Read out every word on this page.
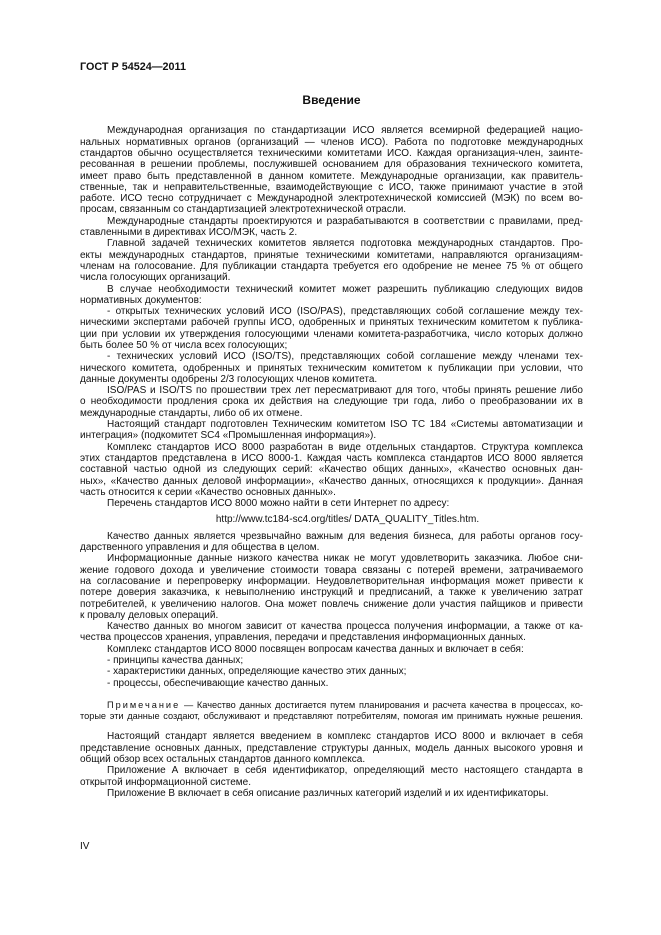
ГОСТ Р 54524—2011
Введение
Международная организация по стандартизации ИСО является всемирной федерацией нацио-
нальных нормативных органов (организаций — членов ИСО). Работа по подготовке международных
стандартов обычно осуществляется техническими комитетами ИСО. Каждая организация-член, заинте-
ресованная в решении проблемы, послужившей основанием для образования технического комитета,
имеет право быть представленной в данном комитете. Международные организации, как правитель-
ственные, так и неправительственные, взаимодействующие с ИСО, также принимают участие в этой
работе. ИСО тесно сотрудничает с Международной электротехнической комиссией (МЭК) по всем во-
просам, связанным со стандартизацией электротехнической отрасли.
Международные стандарты проектируются и разрабатываются в соответствии с правилами, пред-
ставленными в директивах ИСО/МЭК, часть 2.
Главной задачей технических комитетов является подготовка международных стандартов. Про-
екты международных стандартов, принятые техническими комитетами, направляются организациям-
членам на голосование. Для публикации стандарта требуется его одобрение не менее 75 % от общего
числа голосующих организаций.
В случае необходимости технический комитет может разрешить публикацию следующих видов
нормативных документов:
- открытых технических условий ИСО (ISO/PAS), представляющих собой соглашение между тех-
ническими экспертами рабочей группы ИСО, одобренных и принятых техническим комитетом к публика-
ции при условии их утверждения голосующими членами комитета-разработчика, число которых должно
быть более 50 % от числа всех голосующих;
- технических условий ИСО (ISO/TS), представляющих собой соглашение между членами тех-
нического комитета, одобренных и принятых техническим комитетом к публикации при условии, что
данные документы одобрены 2/3 голосующих членов комитета.
ISO/PAS и ISO/TS по прошествии трех лет пересматривают для того, чтобы принять решение либо
о необходимости продления срока их действия на следующие три года, либо о преобразовании их в
международные стандарты, либо об их отмене.
Настоящий стандарт подготовлен Техническим комитетом ISO TC 184 «Системы автоматизации и
интеграция» (подкомитет SC4 «Промышленная информация»).
Комплекс стандартов ИСО 8000 разработан в виде отдельных стандартов. Структура комплекса
этих стандартов представлена в ИСО 8000-1. Каждая часть комплекса стандартов ИСО 8000 является
составной частью одной из следующих серий: «Качество общих данных», «Качество основных дан-
ных», «Качество данных деловой информации», «Качество данных, относящихся к продукции». Данная
часть относится к серии «Качество основных данных».
Перечень стандартов ИСО 8000 можно найти в сети Интернет по адресу:
http://www.tc184-sc4.org/titles/ DATA_QUALITY_Titles.htm.
Качество данных является чрезвычайно важным для ведения бизнеса, для работы органов госу-
дарственного управления и для общества в целом.
Информационные данные низкого качества никак не могут удовлетворить заказчика. Любое сни-
жение годового дохода и увеличение стоимости товара связаны с потерей времени, затрачиваемого
на согласование и перепроверку информации. Неудовлетворительная информация может привести к
потере доверия заказчика, к невыполнению инструкций и предписаний, а также к увеличению затрат
потребителей, к увеличению налогов. Она может повлечь снижение доли участия пайщиков и привести
к провалу деловых операций.
Качество данных во многом зависит от качества процесса получения информации, а также от ка-
чества процессов хранения, управления, передачи и представления информационных данных.
Комплекс стандартов ИСО 8000 посвящен вопросам качества данных и включает в себя:
- принципы качества данных;
- характеристики данных, определяющие качество этих данных;
- процессы, обеспечивающие качество данных.
Примечание — Качество данных достигается путем планирования и расчета качества в процессах, ко-
торые эти данные создают, обслуживают и представляют потребителям, помогая им принимать нужные решения.
Настоящий стандарт является введением в комплекс стандартов ИСО 8000 и включает в себя
представление основных данных, представление структуры данных, модель данных высокого уровня и
общий обзор всех остальных стандартов данного комплекса.
Приложение А включает в себя идентификатор, определяющий место настоящего стандарта в
открытой информационной системе.
Приложение В включает в себя описание различных категорий изделий и их идентификаторы.
IV
